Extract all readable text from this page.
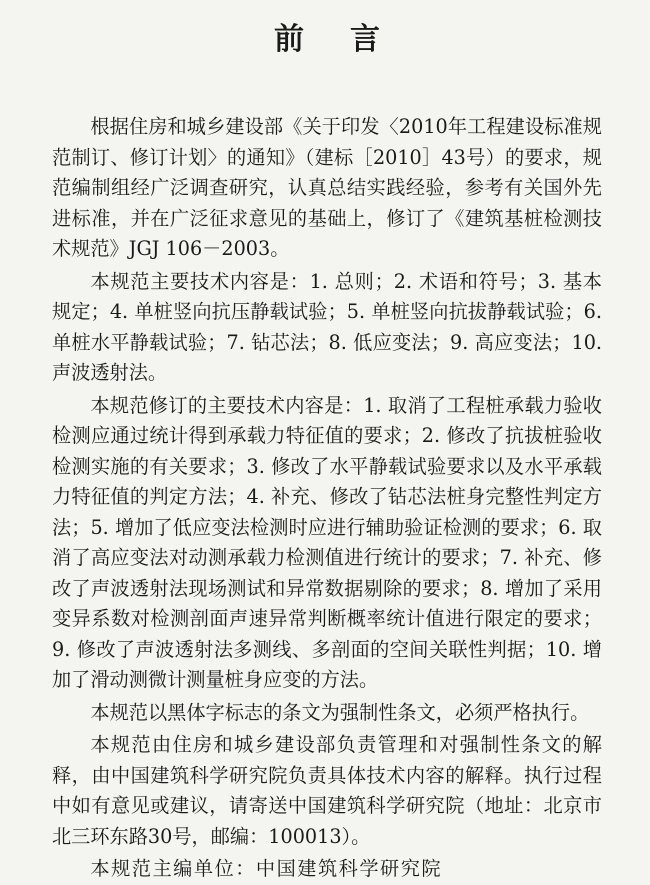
前言

根据住房和城乡建设部《关于印发〈2010年工程建设标准规范制订、修订计划〉的通知》（建标［2010］43号）的要求，规范编制组经广泛调查研究，认真总结实践经验，参考有关国外先进标准，并在广泛征求意见的基础上，修订了《建筑基桩检测技术规范》JGJ 106－2003。

本规范主要技术内容是：1. 总则；2. 术语和符号；3. 基本规定；4. 单桩竖向抗压静载试验；5. 单桩竖向抗拔静载试验；6. 单桩水平静载试验；7. 钻芯法；8. 低应变法；9. 高应变法；10. 声波透射法。

本规范修订的主要技术内容是：1. 取消了工程桩承载力验收检测应通过统计得到承载力特征值的要求；2. 修改了抗拔桩验收检测实施的有关要求；3. 修改了水平静载试验要求以及水平承载力特征值的判定方法；4. 补充、修改了钻芯法桩身完整性判定方法；5. 增加了低应变法检测时应进行辅助验证检测的要求；6. 取消了高应变法对动测承载力检测值进行统计的要求；7. 补充、修改了声波透射法现场测试和异常数据剔除的要求；8. 增加了采用变异系数对检测剖面声速异常判断概率统计值进行限定的要求；9. 修改了声波透射法多测线、多剖面的空间关联性判据；10. 增加了滑动测微计测量桩身应变的方法。

本规范以黑体字标志的条文为强制性条文，必须严格执行。

本规范由住房和城乡建设部负责管理和对强制性条文的解释，由中国建筑科学研究院负责具体技术内容的解释。执行过程中如有意见或建议，请寄送中国建筑科学研究院（地址：北京市北三环东路30号，邮编：100013）。

本规范主编单位：中国建筑科学研究院
